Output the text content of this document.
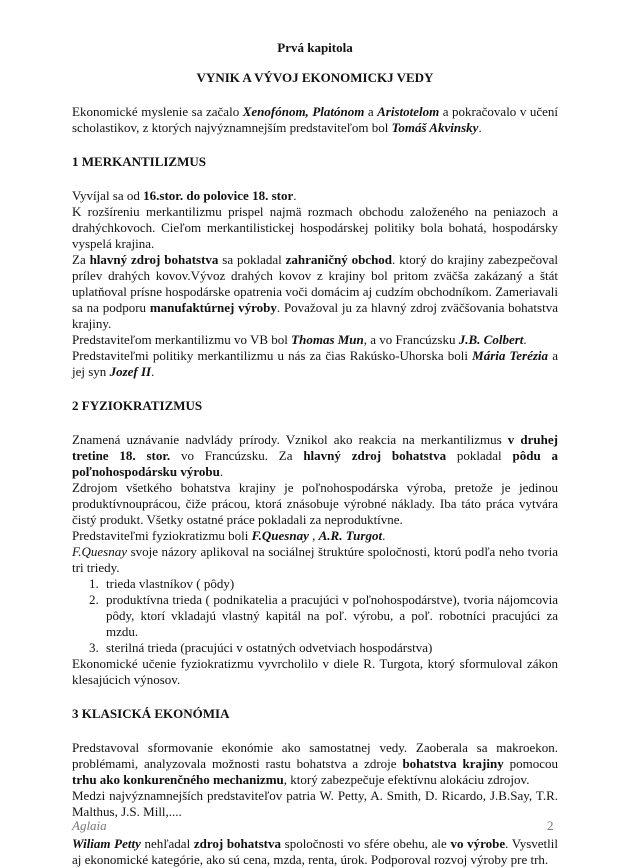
Prvá kapitola
VYNIK A VÝVOJ EKONOMICKJ VEDY

Ekonomické myslenie sa začalo Xenofónom, Platónom a Aristotelom a pokračovalo v učení scholastikov, z ktorých najvýznamnejším predstaviteľom bol Tomáš Akvinsky.

1 MERKANTILIZMUS

Vyvíjal sa od 16.stor. do polovice 18. stor.

K rozšíreniu merkantilizmu prispel najmä rozmach obchodu založeného na peniazoch a drahýchkovoch. Cieľom merkantilistickej hospodárskej politiky bola bohatá, hospodársky vyspelá krajina.

Za hlavný zdroj bohatstva sa pokladal zahraničný obchod. ktorý do krajiny zabezpečoval prílev drahých kovov.Vývoz drahých kovov z krajiny bol pritom zväčša zakázaný a štát uplatňoval prísne hospodárske opatrenia voči domácim aj cudzím obchodníkom. Zameriavali sa na podporu manufaktúrnej výroby. Považoval ju za hlavný zdroj zväčšovania bohatstva krajiny.

Predstaviteľom merkantilizmu vo VB bol Thomas Mun, a vo Francúzsku J.B. Colbert.

Predstaviteľmi politiky merkantilizmu u nás za čias Rakúsko-Uhorska boli Mária Terézia a jej syn Jozef II.

2 FYZIOKRATIZMUS

Znamená uznávanie nadvlády prírody. Vznikol ako reakcia na merkantilizmus v druhej tretine 18. stor. vo Francúzsku. Za hlavný zdroj bohatstva pokladal pôdu a poľnohospodársku výrobu.

Zdrojom všetkého bohatstva krajiny je poľnohospodárska výroba, pretože je jedinou produktívnouprácou, čiže prácou, ktorá znásobuje výrobné náklady. Iba táto práca vytvára čistý produkt. Všetky ostatné práce pokladali za neproduktívne.

Predstaviteľmi fyziokratizmu boli F.Quesnay , A.R. Turgot.

F.Quesnay svoje názory aplikoval na sociálnej štruktúre spoločnosti, ktorú podľa neho tvoria tri triedy.

1. trieda vlastníkov ( pôdy)
2. produktívna trieda ( podnikatelia a pracujúci v poľnohospodárstve), tvoria nájomcovia pôdy, ktorí vkladajú vlastný kapitál na poľ. výrobu, a poľ. robotníci pracujúci za mzdu.
3. sterilná trieda (pracujúci v ostatných odvetviach hospodárstva)

Ekonomické učenie fyziokratizmu vyvrcholilo v diele R. Turgota, ktorý sformuloval zákon klesajúcich výnosov.

3 KLASICKÁ EKONÓMIA

Predstavoval sformovanie ekonómie ako samostatnej vedy. Zaoberala sa makroekon. problémami, analyzovala možnosti rastu bohatstva a zdroje bohatstva krajiny pomocou trhu ako konkurenčného mechanizmu, ktorý zabezpečuje efektívnu alokáciu zdrojov.

Medzi najvýznamnejších predstaviteľov patria W. Petty, A. Smith, D. Ricardo, J.B.Say, T.R. Malthus, J.S. Mill,....

Wiliam Petty nehľadal zdroj bohatstva spoločnosti vo sfére obehu, ale vo výrobe. Vysvetlil aj ekonomické kategórie, ako sú cena, mzda, renta, úrok. Podporoval rozvoj výroby pre trh.

Aglaia	2
